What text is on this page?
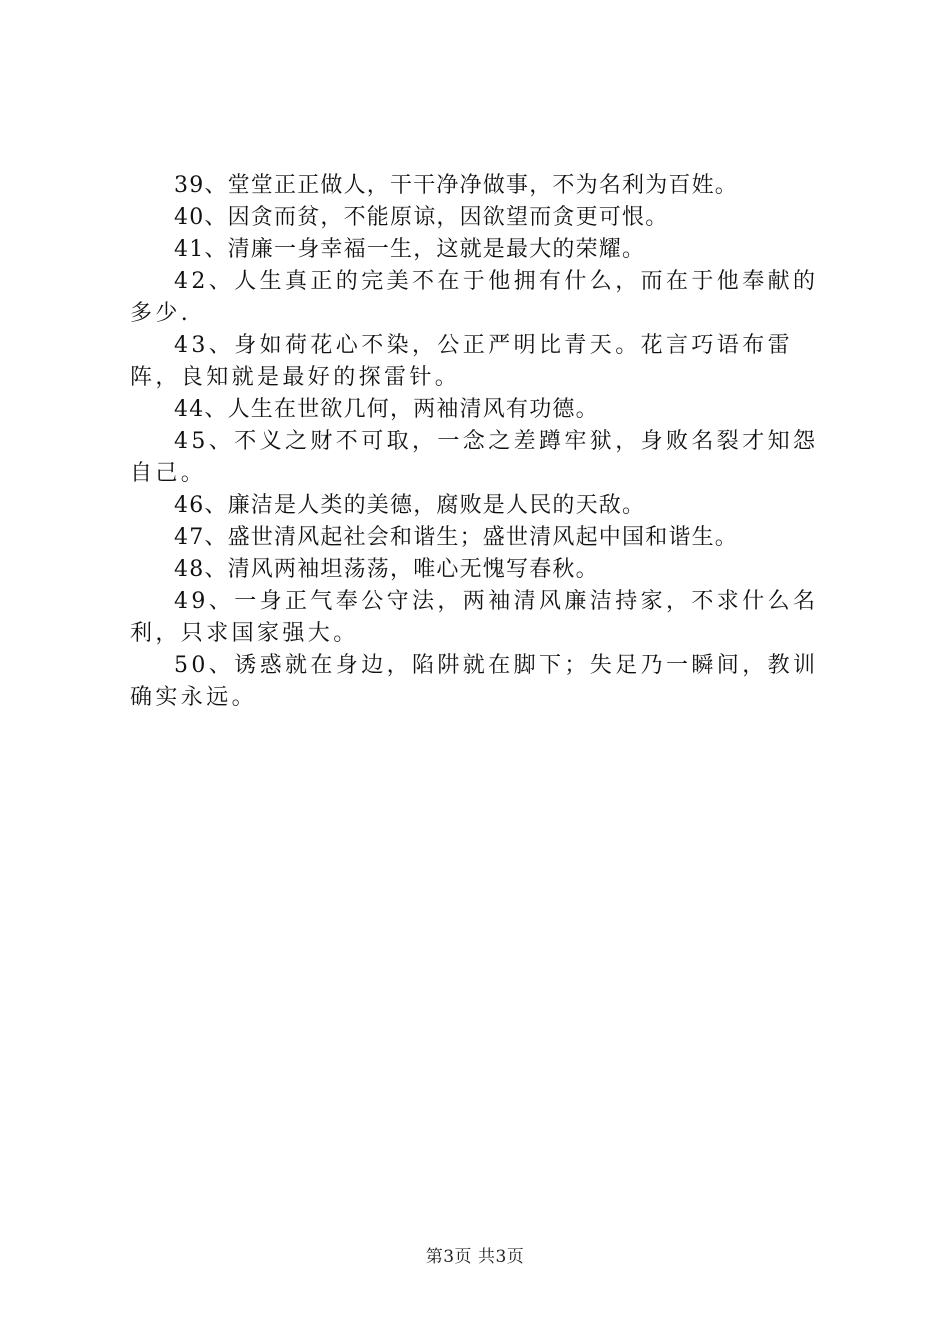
39、堂堂正正做人，干干净净做事，不为名利为百姓。

40、因贪而贫，不能原谅，因欲望而贪更可恨。

41、清廉一身幸福一生，这就是最大的荣耀。

42、人生真正的完美不在于他拥有什么，而在于他奉献的多少.

43、身如荷花心不染，公正严明比青天。花言巧语布雷阵，良知就是最好的探雷针。

44、人生在世欲几何，两袖清风有功德。

45、不义之财不可取，一念之差蹲牢狱，身败名裂才知怨自己。

46、廉洁是人类的美德，腐败是人民的天敌。

47、盛世清风起社会和谐生；盛世清风起中国和谐生。

48、清风两袖坦荡荡，唯心无愧写春秋。

49、一身正气奉公守法，两袖清风廉洁持家，不求什么名利，只求国家强大。

50、诱惑就在身边，陷阱就在脚下；失足乃一瞬间，教训确实永远。

第3页 共3页
